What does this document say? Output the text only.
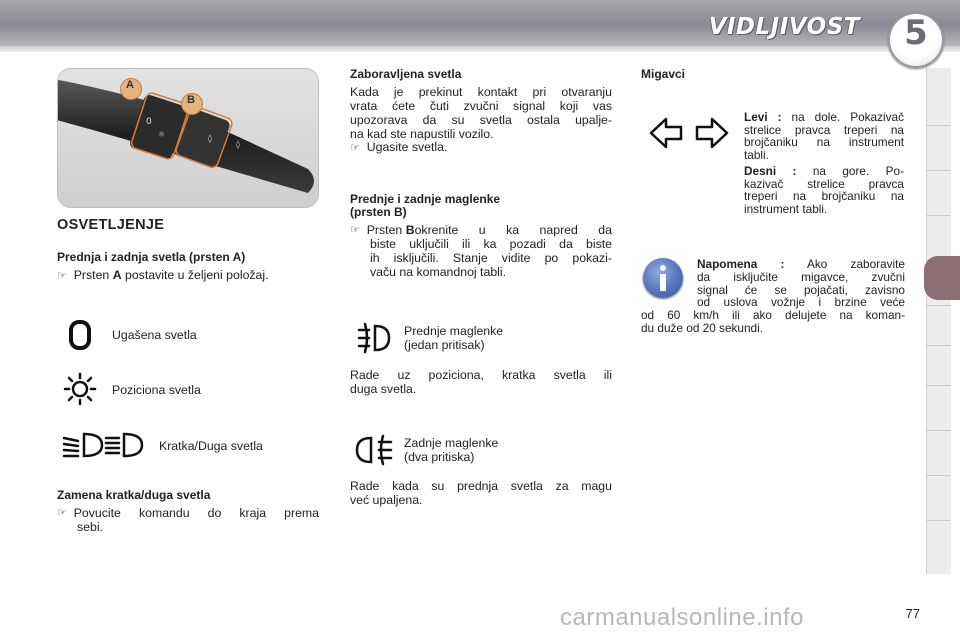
VIDLJIVOST	5
0
☼	◊
◊
A
B
OSVETLJENJE
Prednja i zadnja svetla (prsten A)
☞ Prsten A postavite u željeni položaj.
Ugašena svetla
Poziciona svetla
Kratka/Duga svetla
Zamena kratka/duga svetla
☞
Povucite komandu do kraja prema
sebi.
Zaboravljena svetla
Kada je prekinut kontakt pri otvaranju
vrata ćete čuti zvučni signal koji vas
upozorava da su svetla ostala upalje-
na kad ste napustili vozilo.
☞ Ugasite svetla.
Prednje i zadnje maglenke
(prsten B)
☞
Prsten
B okrenite u ka napred da
biste uključili ili ka pozadi da biste
ih isključili. Stanje vidite po pokazi-
vaču na komandnoj tabli.
Prednje maglenke
(jedan pritisak)
Rade uz poziciona, kratka svetla ili
duga svetla.
Zadnje maglenke
(dva pritiska)
Rade kada su prednja svetla za magu
već upaljena.
Migavci
Levi : na dole. Pokazivač
strelice pravca treperi na
brojčaniku na instrument
tabli.
Desni : na gore. Po-
kazivač strelice pravca
treperi na brojčaniku na
instrument tabli.
Napomena : Ako zaboravite
da isključite migavce, zvučni
signal će se pojačati, zavisno
od uslova vožnje i brzine veće
od 60 km/h ili ako delujete na koman-
du duže od 20 sekundi.
carmanualsonline.info	77
